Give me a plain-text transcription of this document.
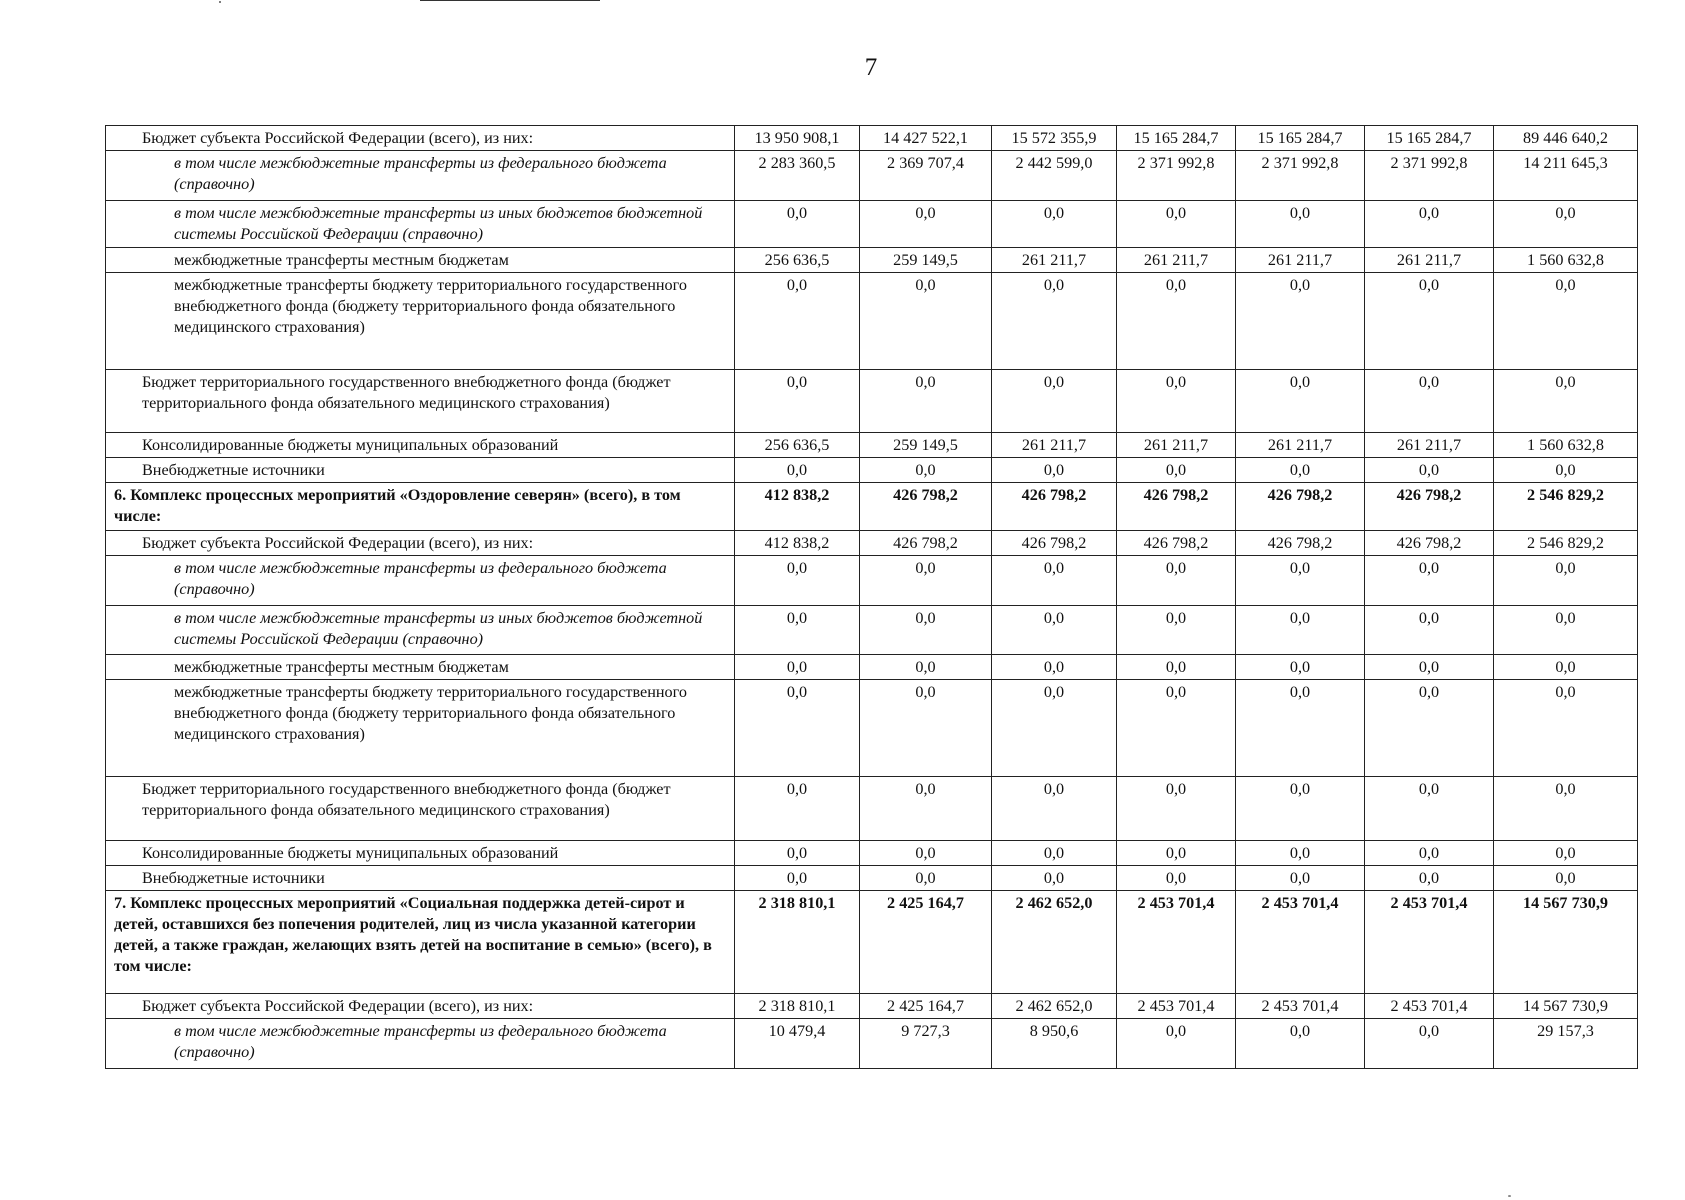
7
Бюджет субъекта Российской Федерации (всего), из них:	13 950 908,1	14 427 522,1	15 572 355,9	15 165 284,7	15 165 284,7	15 165 284,7	89 446 640,2
в том числе межбюджетные трансферты из федерального бюджета (справочно)	2 283 360,5	2 369 707,4	2 442 599,0	2 371 992,8	2 371 992,8	2 371 992,8	14 211 645,3
в том числе межбюджетные трансферты из иных бюджетов бюджетной системы Российской Федерации (справочно)	0,0	0,0	0,0	0,0	0,0	0,0	0,0
межбюджетные трансферты местным бюджетам	256 636,5	259 149,5	261 211,7	261 211,7	261 211,7	261 211,7	1 560 632,8
межбюджетные трансферты бюджету территориального государственного внебюджетного фонда (бюджету территориального фонда обязательного медицинского страхования)	0,0	0,0	0,0	0,0	0,0	0,0	0,0
Бюджет территориального государственного внебюджетного фонда (бюджет территориального фонда обязательного медицинского страхования)	0,0	0,0	0,0	0,0	0,0	0,0	0,0
Консолидированные бюджеты муниципальных образований	256 636,5	259 149,5	261 211,7	261 211,7	261 211,7	261 211,7	1 560 632,8
Внебюджетные источники	0,0	0,0	0,0	0,0	0,0	0,0	0,0
6. Комплекс процессных мероприятий «Оздоровление северян» (всего), в том числе:	412 838,2	426 798,2	426 798,2	426 798,2	426 798,2	426 798,2	2 546 829,2
Бюджет субъекта Российской Федерации (всего), из них:	412 838,2	426 798,2	426 798,2	426 798,2	426 798,2	426 798,2	2 546 829,2
в том числе межбюджетные трансферты из федерального бюджета (справочно)	0,0	0,0	0,0	0,0	0,0	0,0	0,0
в том числе межбюджетные трансферты из иных бюджетов бюджетной системы Российской Федерации (справочно)	0,0	0,0	0,0	0,0	0,0	0,0	0,0
межбюджетные трансферты местным бюджетам	0,0	0,0	0,0	0,0	0,0	0,0	0,0
межбюджетные трансферты бюджету территориального государственного внебюджетного фонда (бюджету территориального фонда обязательного медицинского страхования)	0,0	0,0	0,0	0,0	0,0	0,0	0,0
Бюджет территориального государственного внебюджетного фонда (бюджет территориального фонда обязательного медицинского страхования)	0,0	0,0	0,0	0,0	0,0	0,0	0,0
Консолидированные бюджеты муниципальных образований	0,0	0,0	0,0	0,0	0,0	0,0	0,0
Внебюджетные источники	0,0	0,0	0,0	0,0	0,0	0,0	0,0
7. Комплекс процессных мероприятий «Социальная поддержка детей-сирот и детей, оставшихся без попечения родителей, лиц из числа указанной категории детей, а также граждан, желающих взять детей на воспитание в семью» (всего), в том числе:	2 318 810,1	2 425 164,7	2 462 652,0	2 453 701,4	2 453 701,4	2 453 701,4	14 567 730,9
Бюджет субъекта Российской Федерации (всего), из них:	2 318 810,1	2 425 164,7	2 462 652,0	2 453 701,4	2 453 701,4	2 453 701,4	14 567 730,9
в том числе межбюджетные трансферты из федерального бюджета (справочно)	10 479,4	9 727,3	8 950,6	0,0	0,0	0,0	29 157,3
